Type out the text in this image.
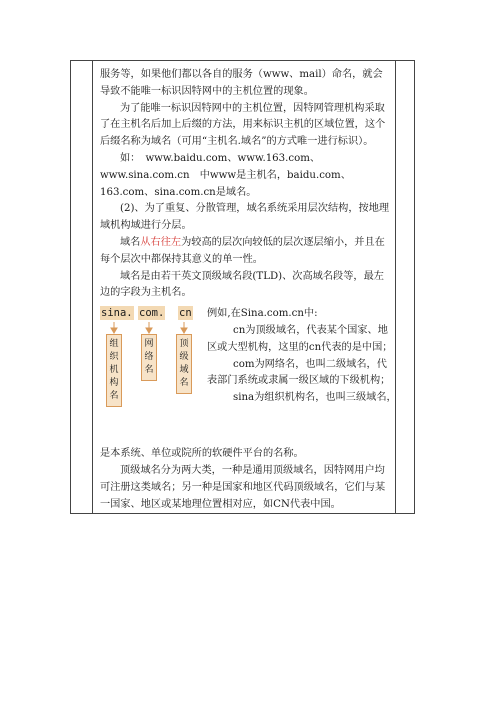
服务等，如果他们都以各自的服务（www、mail）命名，就会导致不能唯一标识因特网中的主机位置的现象。

为了能唯一标识因特网中的主机位置，因特网管理机构采取了在主机名后加上后缀的方法，用来标识主机的区域位置，这个后缀名称为域名（可用“主机名.域名”的方式唯一进行标识）。

如：　www.baidu.com、www.163.com、www.sina.com.cn　中www是主机名，baidu.com、163.com、sina.com.cn是域名。

(2)、为了重复、分散管理，域名系统采用层次结构，按地理域机构域进行分层。

域名从右往左为较高的层次向较低的层次逐层缩小，并且在每个层次中都保持其意义的单一性。

域名是由若干英文顶级域名段(TLD)、次高域名段等，最左边的字段为主机名。

sina. com. cn
组
织
机
构
名
网
络
名
顶
级
域
名

例如,在Sina.com.cn中:

cn为顶级域名，代表某个国家、地区或大型机构，这里的cn代表的是中国；

com为网络名，也叫二级域名，代表部门系统或隶属一级区域的下级机构；

sina为组织机构名，也叫三级域名，

是本系统、单位或院所的软硬件平台的名称。

顶级域名分为两大类，一种是通用顶级域名，因特网用户均可注册这类域名；另一种是国家和地区代码顶级域名，它们与某一国家、地区或某地理位置相对应，如CN代表中国。
